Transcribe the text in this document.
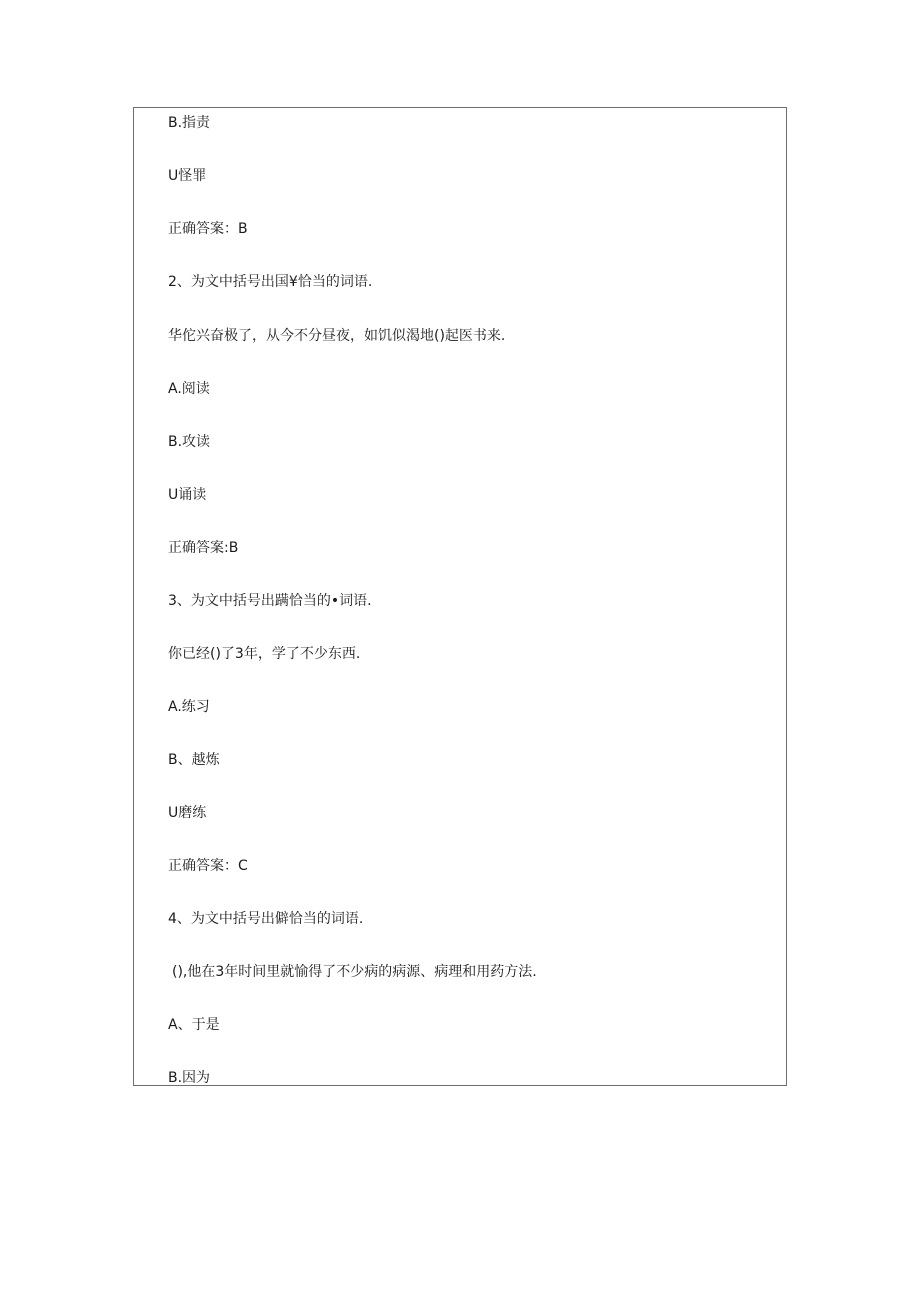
B.指责
U怪罪
正确答案：B
2、为文中括号出国¥恰当的词语.
华佗兴奋极了，从今不分昼夜，如饥似渴地()起医书来.
A.阅读
B.攻读
U诵读
正确答案:B
3、为文中括号出蹒恰当的•词语.
你已经()了3年，学了不少东西.
A.练习
B、越炼
U磨练
正确答案：C
4、为文中括号出僻恰当的词语.
(),他在3年时间里就愉得了不少病的病源、病理和用药方法.
A、于是
B.因为
